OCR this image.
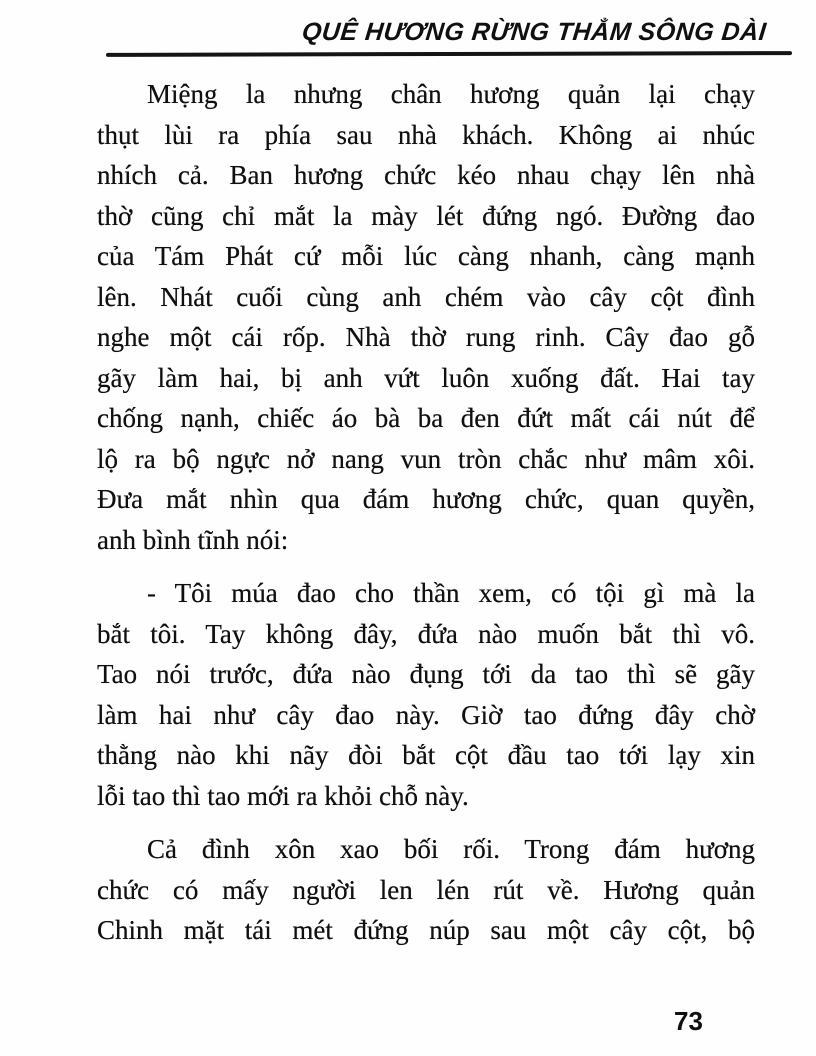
QUÊ HƯƠNG RỪNG THẲM SÔNG DÀI
Miệng la nhưng chân hương quản lại chạy
thụt lùi ra phía sau nhà khách. Không ai nhúc
nhích cả. Ban hương chức kéo nhau chạy lên nhà
thờ cũng chỉ mắt la mày lét đứng ngó. Đường đao
của Tám Phát cứ mỗi lúc càng nhanh, càng mạnh
lên. Nhát cuối cùng anh chém vào cây cột đình
nghe một cái rốp. Nhà thờ rung rinh. Cây đao gỗ
gãy làm hai, bị anh vứt luôn xuống đất. Hai tay
chống nạnh, chiếc áo bà ba đen đứt mất cái nút để
lộ ra bộ ngực nở nang vun tròn chắc như mâm xôi.
Đưa mắt nhìn qua đám hương chức, quan quyền,
anh bình tĩnh nói:
- Tôi múa đao cho thần xem, có tội gì mà la
bắt tôi. Tay không đây, đứa nào muốn bắt thì vô.
Tao nói trước, đứa nào đụng tới da tao thì sẽ gãy
làm hai như cây đao này. Giờ tao đứng đây chờ
thằng nào khi nãy đòi bắt cột đầu tao tới lạy xin
lỗi tao thì tao mới ra khỏi chỗ này.
Cả đình xôn xao bối rối. Trong đám hương
chức có mấy người len lén rút về. Hương quản
Chinh mặt tái mét đứng núp sau một cây cột, bộ
73
